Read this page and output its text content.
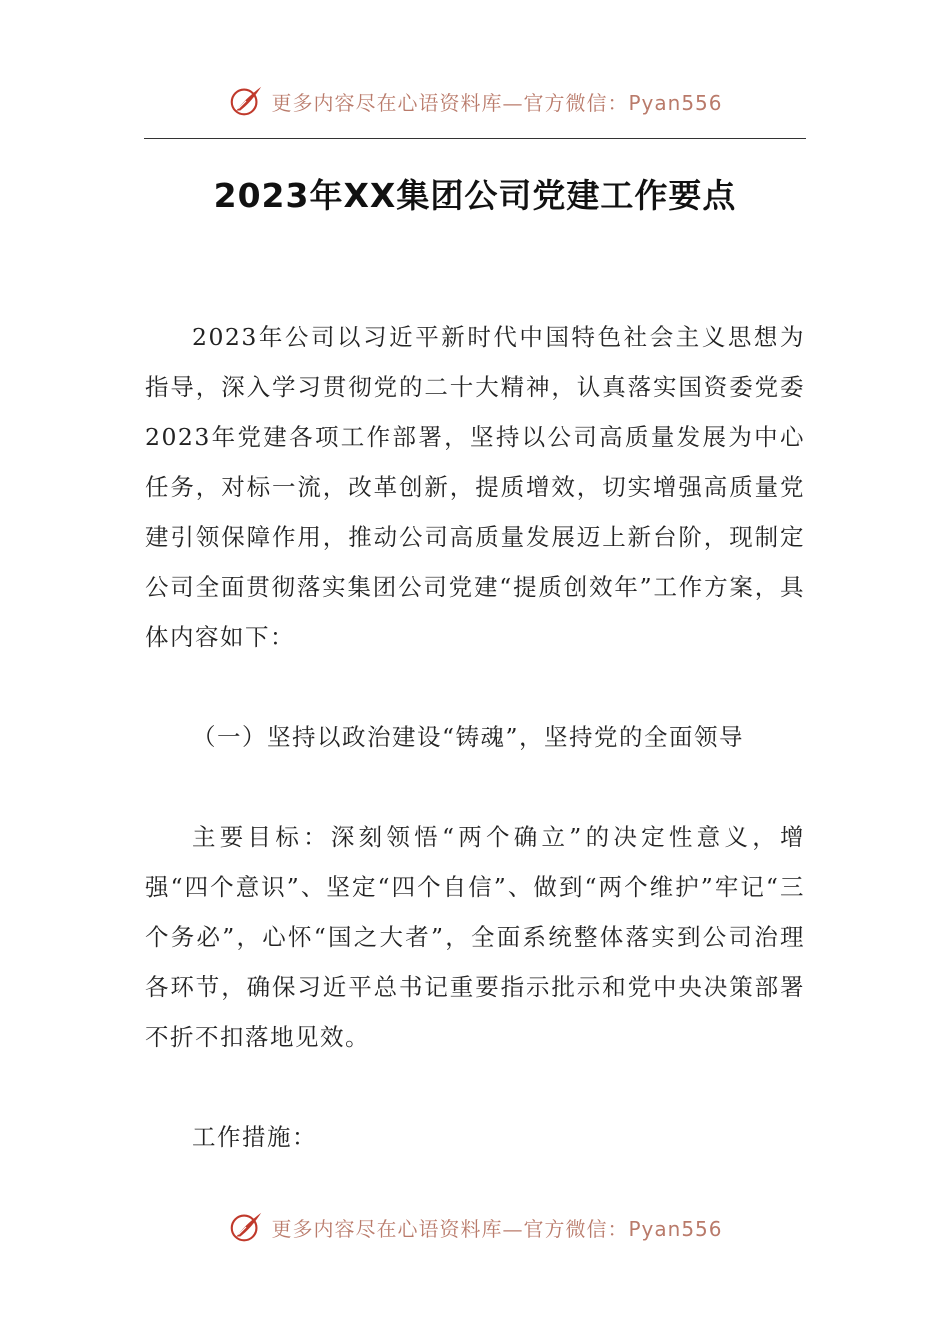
更多内容尽在心语资料库—官方微信：Pyan556
2023年XX集团公司党建工作要点

2023年公司以习近平新时代中国特色社会主义思想为指导，深入学习贯彻党的二十大精神，认真落实国资委党委2023年党建各项工作部署，坚持以公司高质量发展为中心任务，对标一流，改革创新，提质增效，切实增强高质量党建引领保障作用，推动公司高质量发展迈上新台阶，现制定公司全面贯彻落实集团公司党建“提质创效年”工作方案，具体内容如下：

（一）坚持以政治建设“铸魂”，坚持党的全面领导

主要目标：深刻领悟“两个确立”的决定性意义，增强“四个意识”、坚定“四个自信”、做到“两个维护”牢记“三个务必”，心怀“国之大者”，全面系统整体落实到公司治理各环节，确保习近平总书记重要指示批示和党中央决策部署不折不扣落地见效。

工作措施：

更多内容尽在心语资料库—官方微信：Pyan556
